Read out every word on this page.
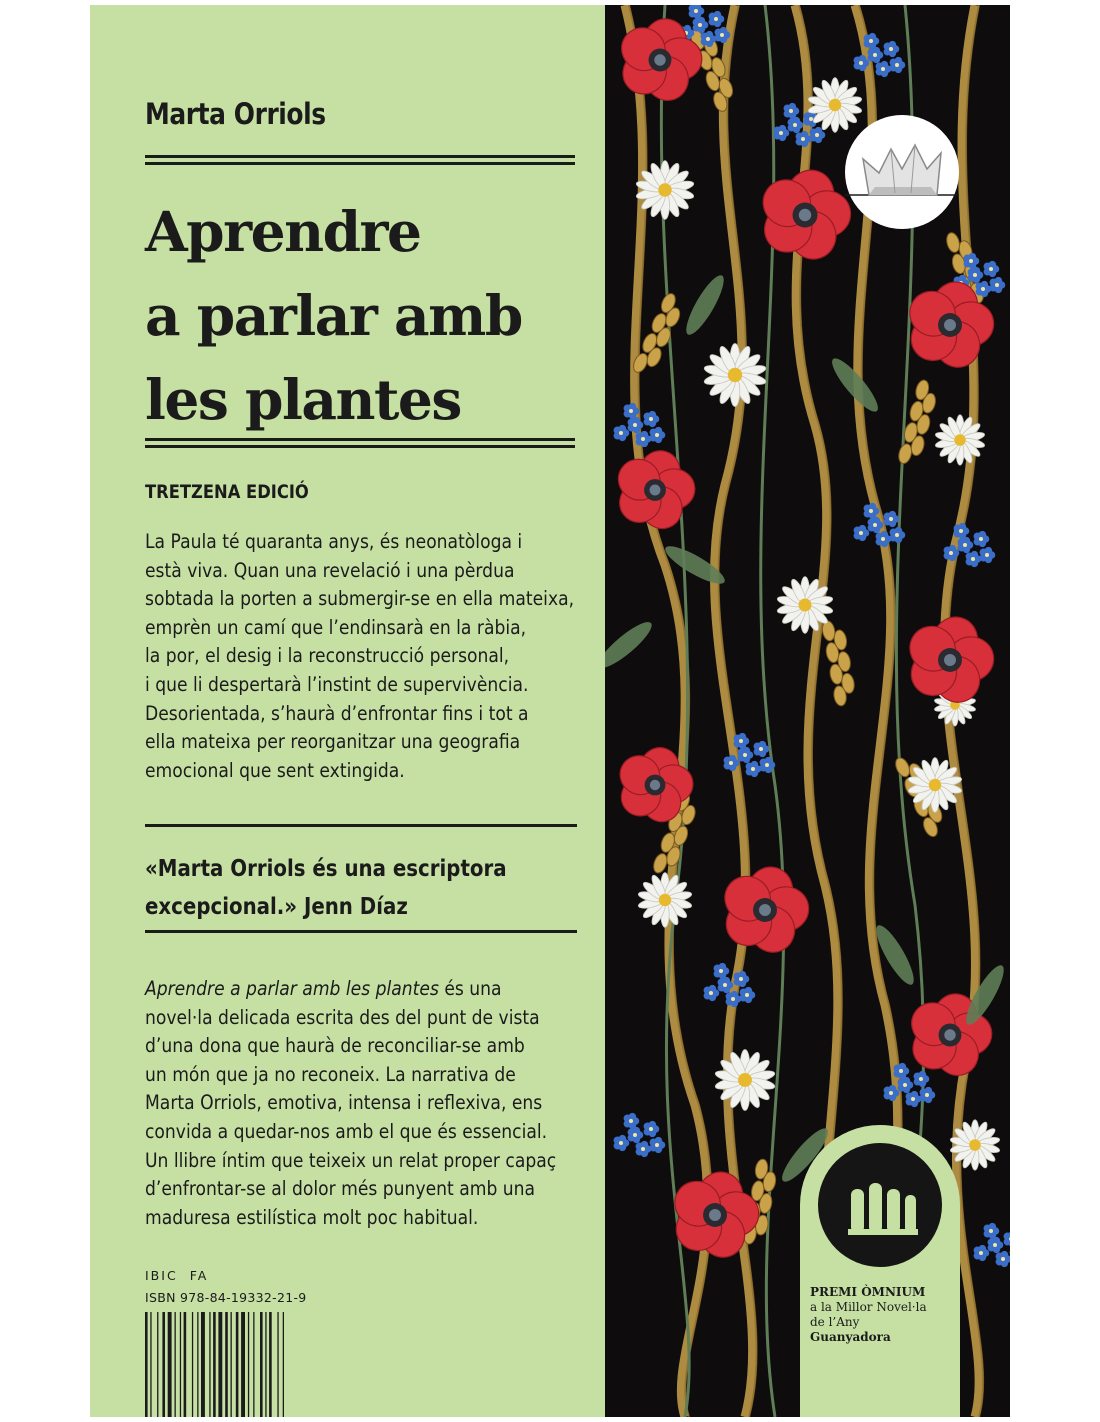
Marta Orriols
Aprendre
a parlar amb
les plantes
TRETZENA EDICIÓ
La Paula té quaranta anys, és neonatòloga i
està viva. Quan una revelació i una pèrdua
sobtada la porten a submergir-se en ella mateixa,
emprèn un camí que l’endinsarà en la ràbia,
la por, el desig i la reconstrucció personal,
i que li despertarà l’instint de supervivència.
Desorientada, s’haurà d’enfrontar fins i tot a
ella mateixa per reorganitzar una geografia
emocional que sent extingida.
«Marta Orriols és una escriptora
excepcional.» Jenn Díaz
Aprendre a parlar amb les plantes és una
novel·la delicada escrita des del punt de vista
d’una dona que haurà de reconciliar-se amb
un món que ja no reconeix. La narrativa de
Marta Orriols, emotiva, intensa i reflexiva, ens
convida a quedar-nos amb el que és essencial.
Un llibre íntim que teixeix un relat proper capaç
d’enfrontar-se al dolor més punyent amb una
maduresa estilística molt poc habitual.
IBIC FA
ISBN 978-84-19332-21-9	PREMI ÒMNIUM
a la Millor Novel·la
de l’Any
Guanyadora
